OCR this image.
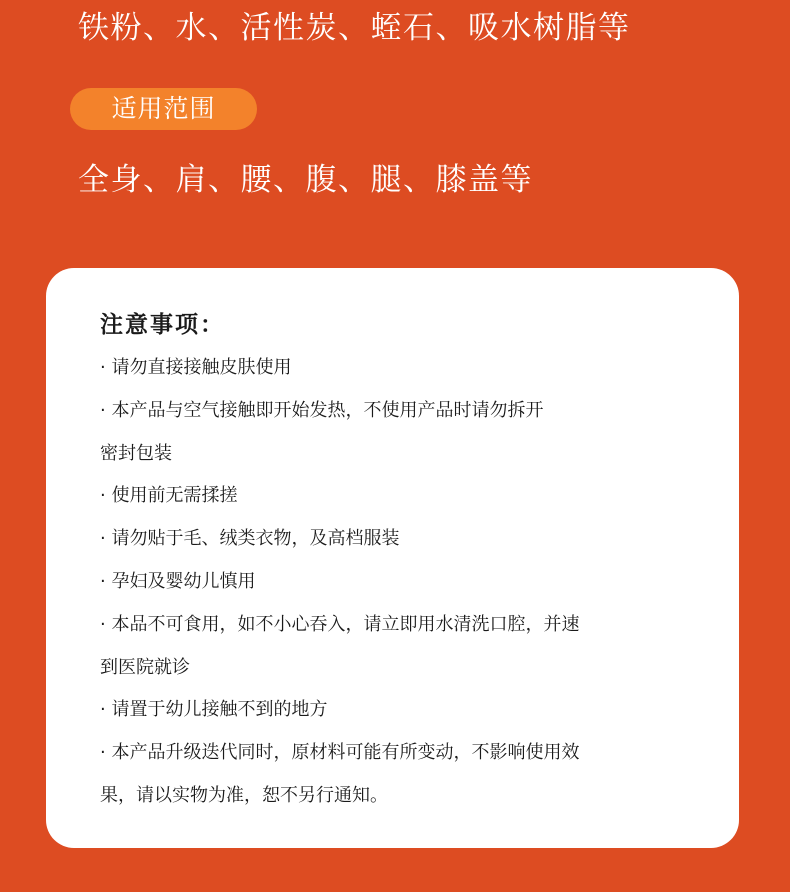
铁粉、水、活性炭、蛭石、吸水树脂等
适用范围
全身、肩、腰、腹、腿、膝盖等
注意事项：
· 请勿直接接触皮肤使用
· 本产品与空气接触即开始发热，不使用产品时请勿拆开
密封包装
· 使用前无需揉搓
· 请勿贴于毛、绒类衣物，及高档服装
· 孕妇及婴幼儿慎用
· 本品不可食用，如不小心吞入，请立即用水清洗口腔，并速
到医院就诊
· 请置于幼儿接触不到的地方
· 本产品升级迭代同时，原材料可能有所变动，不影响使用效
果，请以实物为准，恕不另行通知。
